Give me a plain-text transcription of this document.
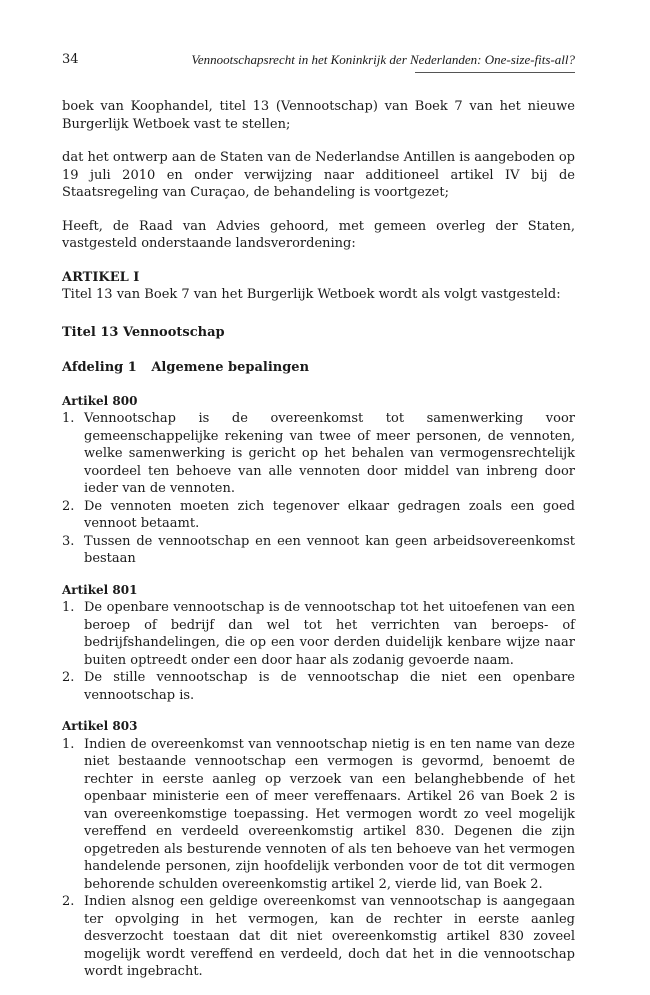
34	Vennootschapsrecht in het Koninkrijk der Nederlanden: One-size-fits-all?

boek van Koophandel, titel 13 (Vennootschap) van Boek 7 van het nieuwe Burgerlijk Wetboek vast te stellen;

dat het ontwerp aan de Staten van de Nederlandse Antillen is aangeboden op 19 juli 2010 en onder verwijzing naar additioneel artikel IV bij de Staatsregeling van Curaçao, de behandeling is voortgezet;

Heeft, de Raad van Advies gehoord, met gemeen overleg der Staten, vastgesteld onderstaande landsverordening:

ARTIKEL I

Titel 13 van Boek 7 van het Burgerlijk Wetboek wordt als volgt vastgesteld:

Titel 13 Vennootschap
Afdeling 1 Algemene bepalingen
Artikel 800
1. Vennootschap is de overeenkomst tot samenwerking voor gemeenschappelijke rekening van twee of meer personen, de vennoten, welke samenwerking is gericht op het behalen van vermogensrechtelijk voordeel ten behoeve van alle vennoten door middel van inbreng door ieder van de vennoten.
2. De vennoten moeten zich tegenover elkaar gedragen zoals een goed vennoot betaamt.
3. Tussen de vennootschap en een vennoot kan geen arbeidsovereenkomst bestaan
Artikel 801
1. De openbare vennootschap is de vennootschap tot het uitoefenen van een beroep of bedrijf dan wel tot het verrichten van beroeps- of bedrijfshandelingen, die op een voor derden duidelijk kenbare wijze naar buiten optreedt onder een door haar als zodanig gevoerde naam.
2. De stille vennootschap is de vennootschap die niet een openbare vennootschap is.
Artikel 803
1. Indien de overeenkomst van vennootschap nietig is en ten name van deze niet bestaande vennootschap een vermogen is gevormd, benoemt de rechter in eerste aanleg op verzoek van een belanghebbende of het openbaar ministerie een of meer vereffenaars. Artikel 26 van Boek 2 is van overeenkomstige toepassing. Het vermogen wordt zo veel mogelijk vereffend en verdeeld overeenkomstig artikel 830. Degenen die zijn opgetreden als besturende vennoten of als ten behoeve van het vermogen handelende personen, zijn hoofdelijk verbonden voor de tot dit vermogen behorende schulden overeenkomstig artikel 2, vierde lid, van Boek 2.
2. Indien alsnog een geldige overeenkomst van vennootschap is aangegaan ter opvolging in het vermogen, kan de rechter in eerste aanleg desverzocht toestaan dat dit niet overeenkomstig artikel 830 zoveel mogelijk wordt vereffend en verdeeld, doch dat het in die vennootschap wordt ingebracht.
